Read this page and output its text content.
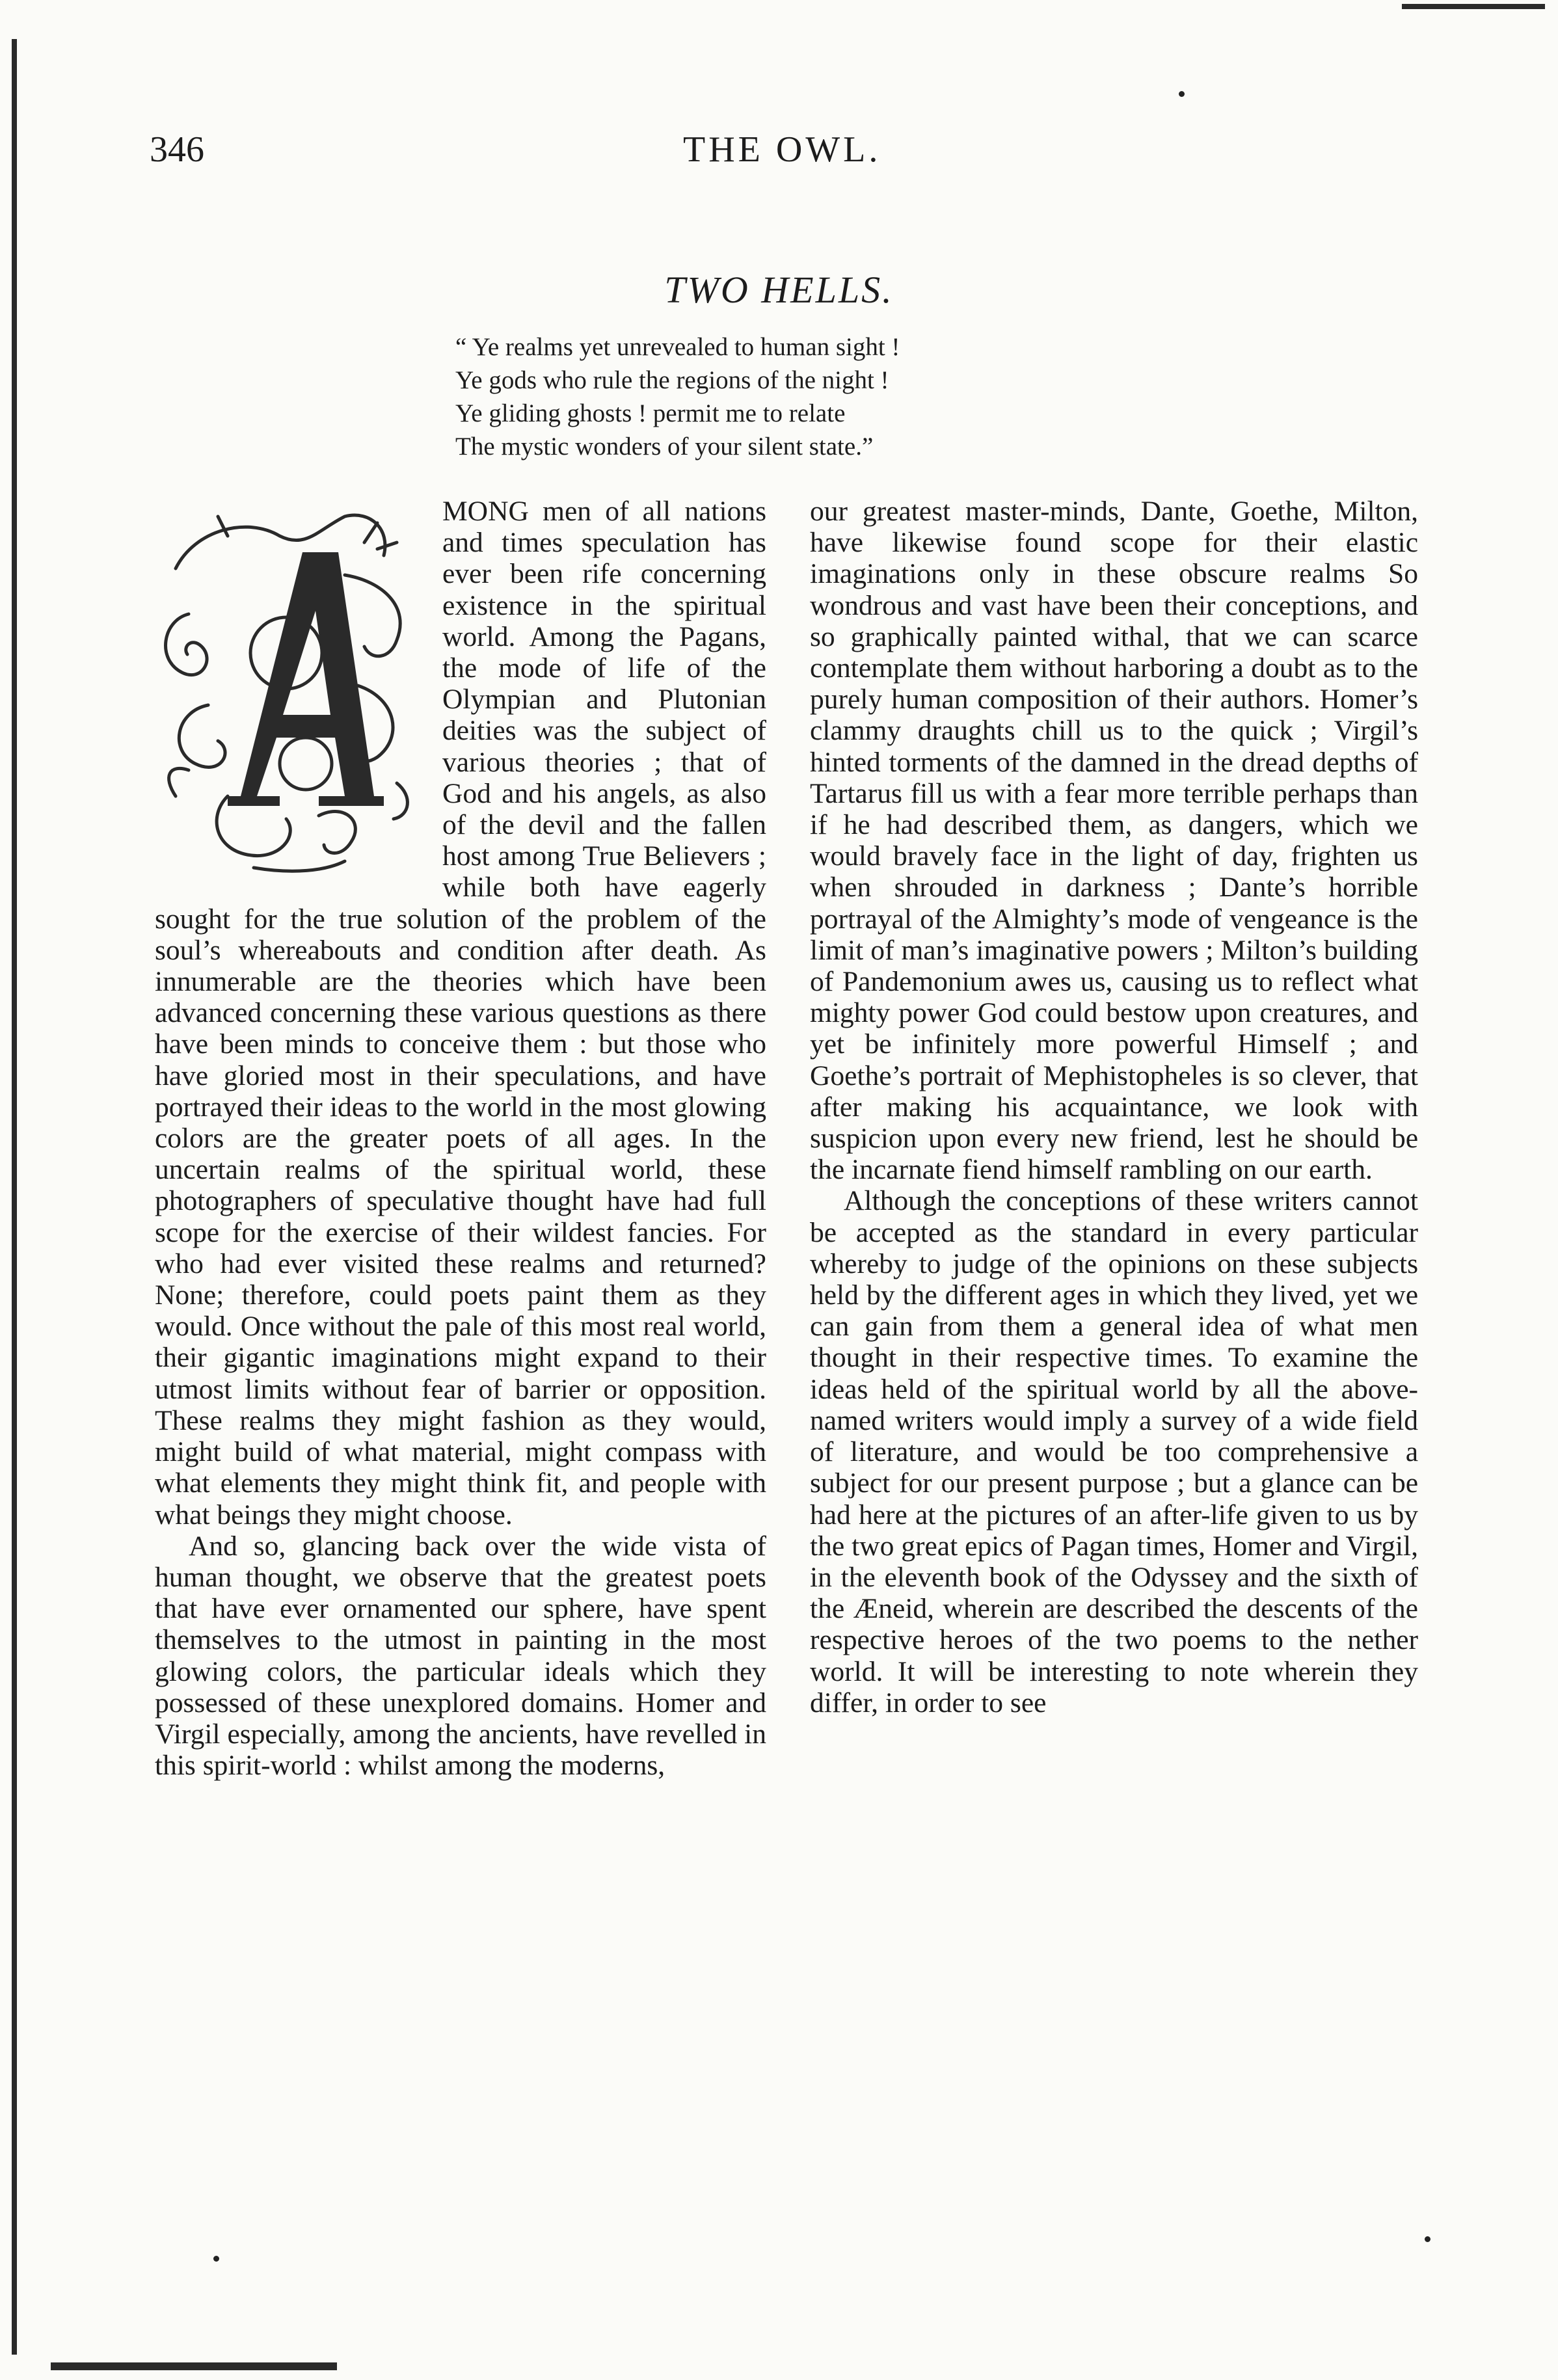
346	THE OWL.
TWO HELLS.
“ Ye realms yet unrevealed to human sight !
Ye gods who rule the regions of the night !
Ye gliding ghosts ! permit me to relate
The mystic wonders of your silent state.”

MONG men of all nations and times speculation has ever been rife concerning existence in the spiritual world. Among the Pagans, the mode of life of the Olympian and Plutonian deities was the subject of various theories ; that of God and his angels, as also of the devil and the fallen host among True Believers ; while both have eagerly sought for the true solution of the problem of the soul’s whereabouts and condition after death. As innumerable are the theories which have been advanced concerning these various questions as there have been minds to conceive them : but those who have gloried most in their speculations, and have portrayed their ideas to the world in the most glowing colors are the greater poets of all ages. In the uncertain realms of the spiritual world, these photographers of speculative thought have had full scope for the exercise of their wildest fancies. For who had ever visited these realms and returned? None; therefore, could poets paint them as they would. Once without the pale of this most real world, their gigantic imaginations might expand to their utmost limits without fear of barrier or opposition. These realms they might fashion as they would, might build of what material, might compass with what elements they might think fit, and people with what beings they might choose.

And so, glancing back over the wide vista of human thought, we observe that the greatest poets that have ever ornamented our sphere, have spent themselves to the utmost in painting in the most glowing colors, the particular ideals which they possessed of these unexplored domains. Homer and Virgil especially, among the ancients, have revelled in this spirit-world : whilst among the moderns,

our greatest master-minds, Dante, Goethe, Milton, have likewise found scope for their elastic imaginations only in these obscure realms So wondrous and vast have been their conceptions, and so graphically painted withal, that we can scarce contemplate them without harboring a doubt as to the purely human composition of their authors. Homer’s clammy draughts chill us to the quick ; Virgil’s hinted torments of the damned in the dread depths of Tartarus fill us with a fear more terrible perhaps than if he had described them, as dangers, which we would bravely face in the light of day, frighten us when shrouded in darkness ; Dante’s horrible portrayal of the Almighty’s mode of vengeance is the limit of man’s imaginative powers ; Milton’s building of Pandemonium awes us, causing us to reflect what mighty power God could bestow upon creatures, and yet be infinitely more powerful Himself ; and Goethe’s portrait of Mephistopheles is so clever, that after making his acquaintance, we look with suspicion upon every new friend, lest he should be the incarnate fiend himself rambling on our earth.

Although the conceptions of these writers cannot be accepted as the standard in every particular whereby to judge of the opinions on these subjects held by the different ages in which they lived, yet we can gain from them a general idea of what men thought in their respective times. To examine the ideas held of the spiritual world by all the above-named writers would imply a survey of a wide field of literature, and would be too comprehensive a subject for our present purpose ; but a glance can be had here at the pictures of an after-life given to us by the two great epics of Pagan times, Homer and Virgil, in the eleventh book of the Odyssey and the sixth of the Æneid, wherein are described the descents of the respective heroes of the two poems to the nether world. It will be interesting to note wherein they differ, in order to see
